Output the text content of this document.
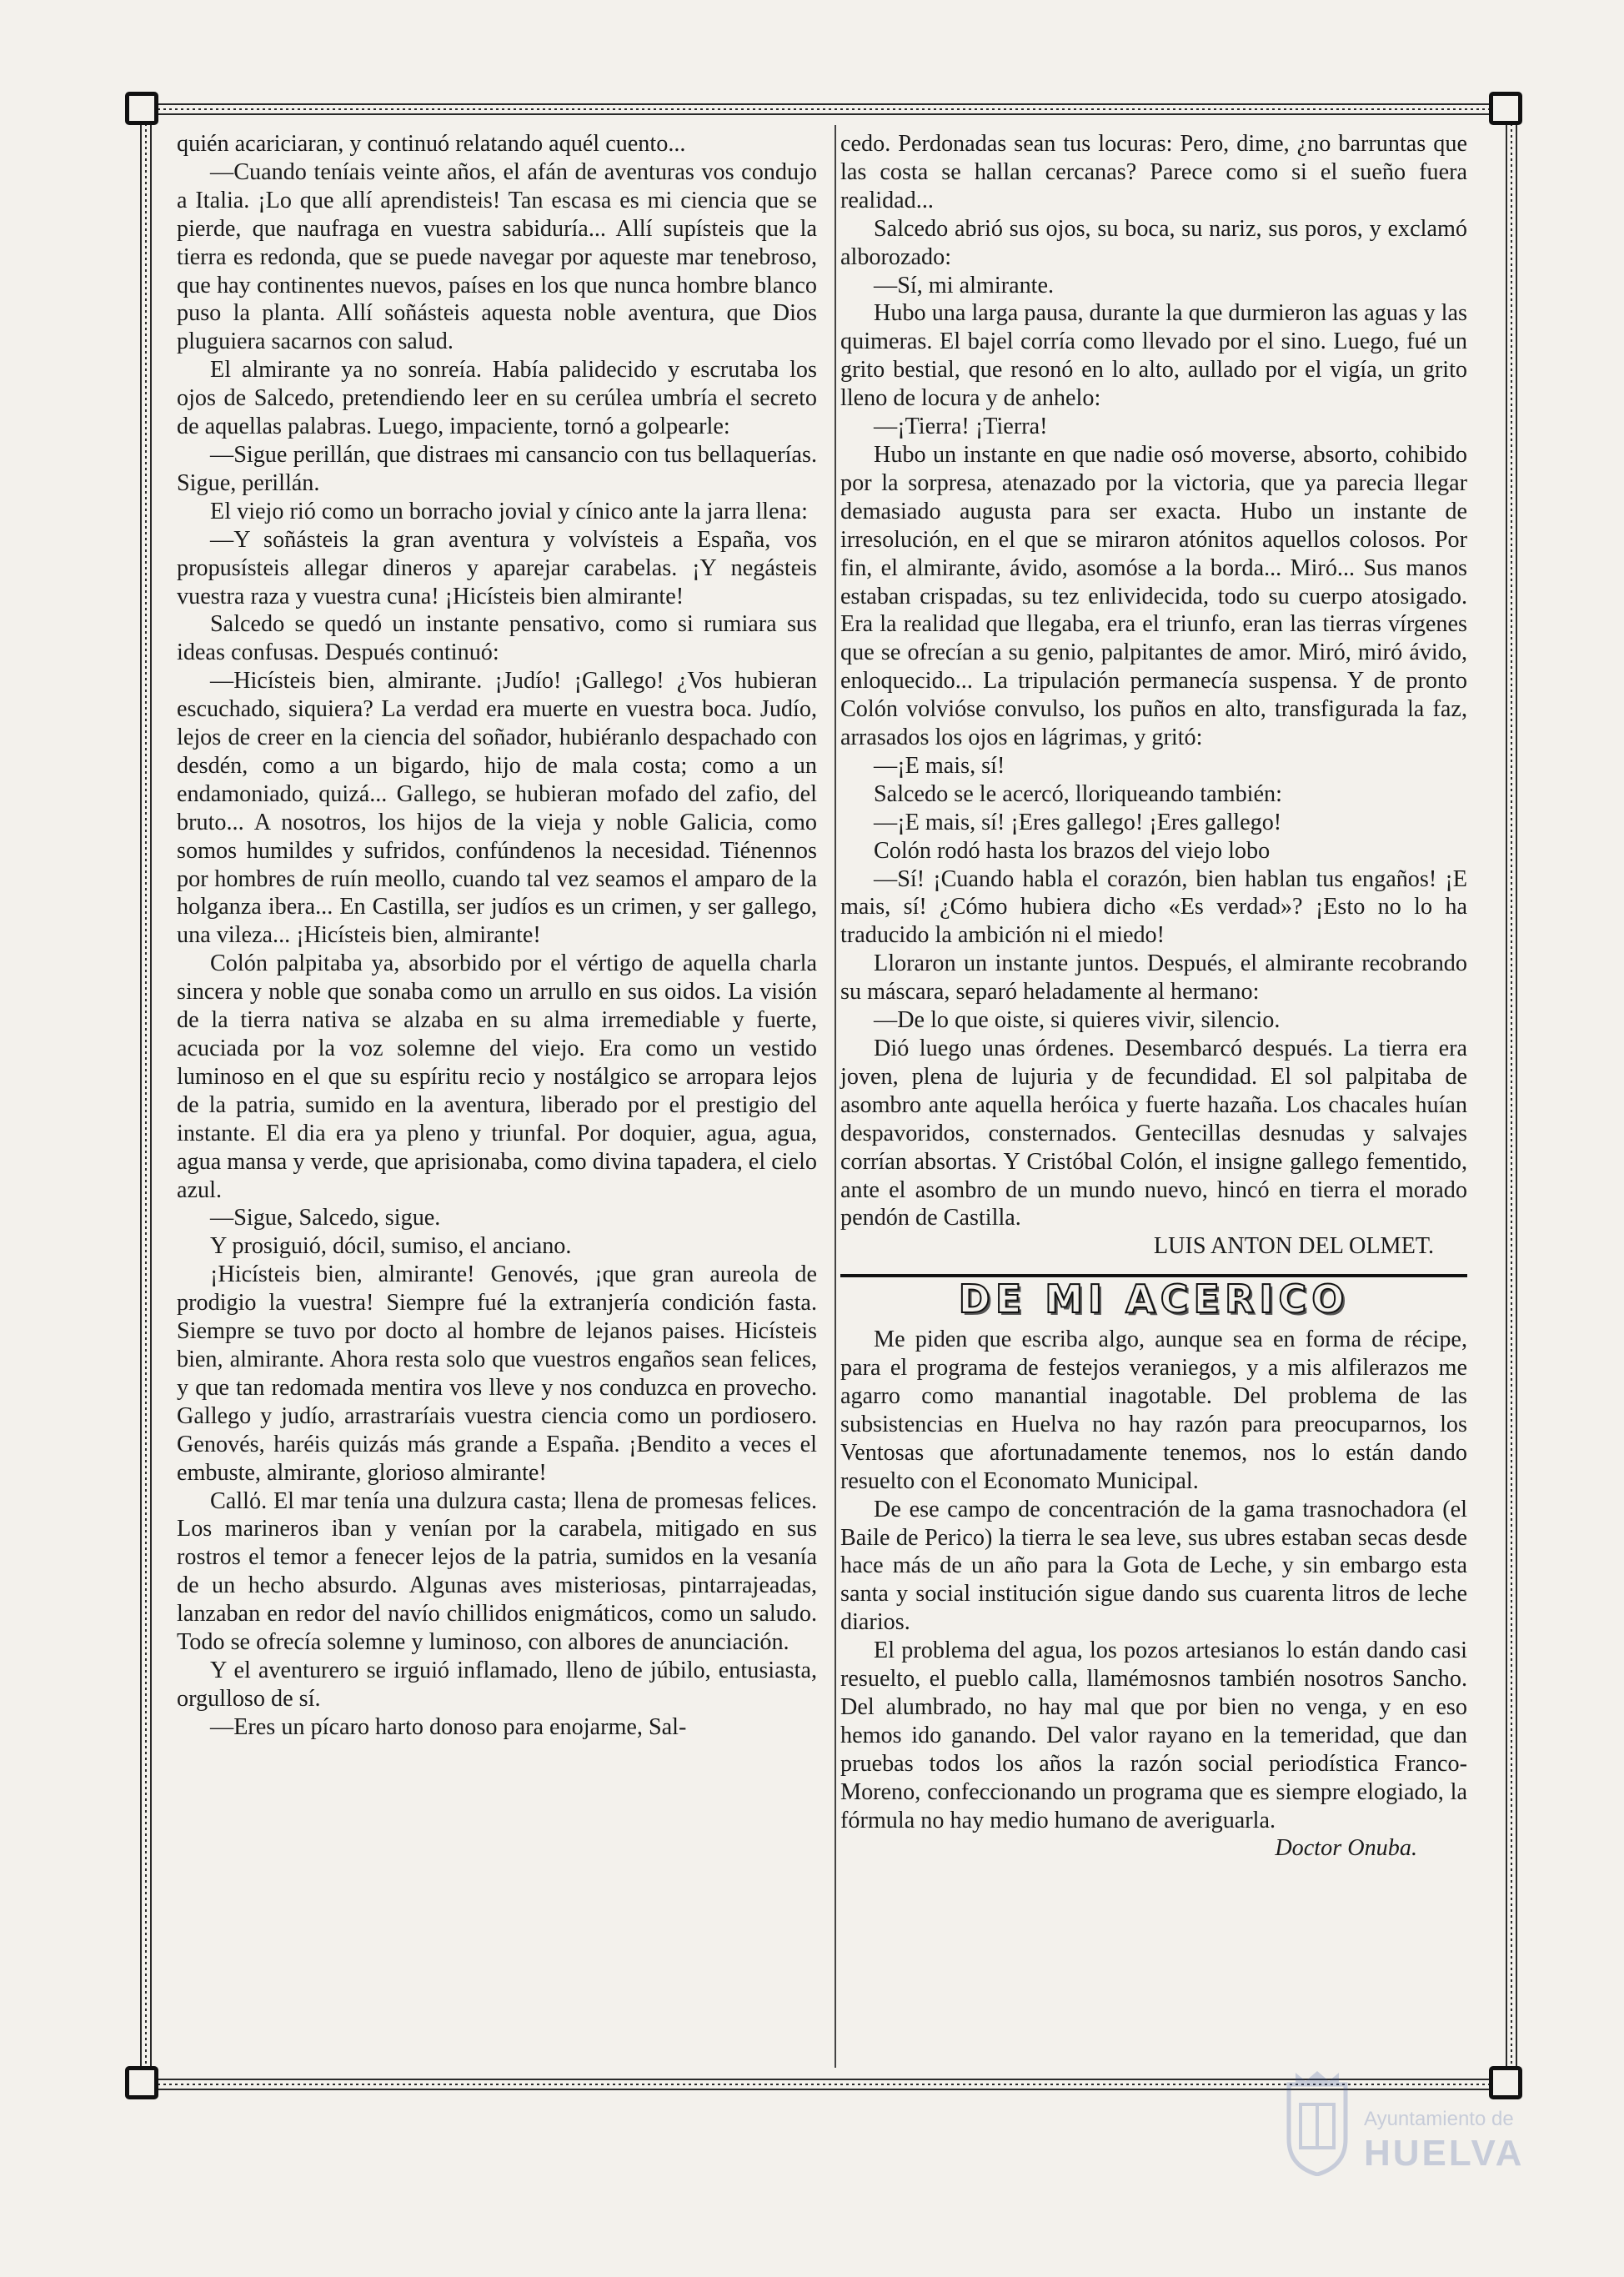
quién acariciaran, y continuó relatando aquél cuento...

—Cuando teníais veinte años, el afán de aventuras vos condujo a Italia. ¡Lo que allí aprendisteis! Tan escasa es mi ciencia que se pierde, que naufraga en vuestra sabiduría... Allí supísteis que la tierra es redonda, que se puede navegar por aqueste mar tenebroso, que hay continentes nuevos, países en los que nunca hombre blanco puso la planta. Allí soñásteis aquesta noble aventura, que Dios pluguiera sacarnos con salud.

El almirante ya no sonreía. Había palidecido y escrutaba los ojos de Salcedo, pretendiendo leer en su cerúlea umbría el secreto de aquellas palabras. Luego, impaciente, tornó a golpearle:

—Sigue perillán, que distraes mi cansancio con tus bellaquerías. Sigue, perillán.

El viejo rió como un borracho jovial y cínico ante la jarra llena:

—Y soñásteis la gran aventura y volvísteis a España, vos propusísteis allegar dineros y aparejar carabelas. ¡Y negásteis vuestra raza y vuestra cuna! ¡Hicísteis bien almirante!

Salcedo se quedó un instante pensativo, como si rumiara sus ideas confusas. Después continuó:

—Hicísteis bien, almirante. ¡Judío! ¡Gallego! ¿Vos hubieran escuchado, siquiera? La verdad era muerte en vuestra boca. Judío, lejos de creer en la ciencia del soñador, hubiéranlo despachado con desdén, como a un bigardo, hijo de mala costa; como a un endamoniado, quizá... Gallego, se hubieran mofado del zafio, del bruto... A nosotros, los hijos de la vieja y noble Galicia, como somos humildes y sufridos, confúndenos la necesidad. Tiénennos por hombres de ruín meollo, cuando tal vez seamos el amparo de la holganza ibera... En Castilla, ser judíos es un crimen, y ser gallego, una vileza... ¡Hicísteis bien, almirante!

Colón palpitaba ya, absorbido por el vértigo de aquella charla sincera y noble que sonaba como un arrullo en sus oidos. La visión de la tierra nativa se alzaba en su alma irremediable y fuerte, acuciada por la voz solemne del viejo. Era como un vestido luminoso en el que su espíritu recio y nostálgico se arropara lejos de la patria, sumido en la aventura, liberado por el prestigio del instante. El dia era ya pleno y triunfal. Por doquier, agua, agua, agua mansa y verde, que aprisionaba, como divina tapadera, el cielo azul.

—Sigue, Salcedo, sigue.

Y prosiguió, dócil, sumiso, el anciano.

¡Hicísteis bien, almirante! Genovés, ¡que gran aureola de prodigio la vuestra! Siempre fué la extranjería condición fasta. Siempre se tuvo por docto al hombre de lejanos paises. Hicísteis bien, almirante. Ahora resta solo que vuestros engaños sean felices, y que tan redomada mentira vos lleve y nos conduzca en provecho. Gallego y judío, arrastraríais vuestra ciencia como un pordiosero. Genovés, haréis quizás más grande a España. ¡Bendito a veces el embuste, almirante, glorioso almirante!

Callό. El mar tenía una dulzura casta; llena de promesas felices. Los marineros iban y venían por la carabela, mitigado en sus rostros el temor a fenecer lejos de la patria, sumidos en la vesanía de un hecho absurdo. Algunas aves misteriosas, pintarrajeadas, lanzaban en redor del navío chillidos enigmáticos, como un saludo. Todo se ofrecía solemne y luminoso, con albores de anunciación.

Y el aventurero se irguió inflamado, lleno de júbilo, entusiasta, orgulloso de sí.

—Eres un pícaro harto donoso para enojarme, Sal-

cedo. Perdonadas sean tus locuras: Pero, dime, ¿no barruntas que las costa se hallan cercanas? Parece como si el sueño fuera realidad...

Salcedo abrió sus ojos, su boca, su nariz, sus poros, y exclamó alborozado:

—Sí, mi almirante.

Hubo una larga pausa, durante la que durmieron las aguas y las quimeras. El bajel corría como llevado por el sino. Luego, fué un grito bestial, que resonó en lo alto, aullado por el vigía, un grito lleno de locura y de anhelo:

—¡Tierra! ¡Tierra!

Hubo un instante en que nadie osó moverse, absorto, cohibido por la sorpresa, atenazado por la victoria, que ya parecia llegar demasiado augusta para ser exacta. Hubo un instante de irresolución, en el que se miraron atónitos aquellos colosos. Por fin, el almirante, ávido, asomóse a la borda... Miró... Sus manos estaban crispadas, su tez enlividecida, todo su cuerpo atosigado. Era la realidad que llegaba, era el triunfo, eran las tierras vírgenes que se ofrecían a su genio, palpitantes de amor. Miró, miró ávido, enloquecido... La tripulación permanecía suspensa. Y de pronto Colón volvióse convulso, los puños en alto, transfigurada la faz, arrasados los ojos en lágrimas, y gritó:

—¡E mais, sí!

Salcedo se le acercó, lloriqueando también:

—¡E mais, sí! ¡Eres gallego! ¡Eres gallego!

Colón rodó hasta los brazos del viejo lobo

—Sí! ¡Cuando habla el corazón, bien hablan tus engaños! ¡E mais, sí! ¿Cómo hubiera dicho «Es verdad»? ¡Esto no lo ha traducido la ambición ni el miedo!

Lloraron un instante juntos. Después, el almirante recobrando su máscara, separó heladamente al hermano:

—De lo que oiste, si quieres vivir, silencio.

Dió luego unas órdenes. Desembarcó después. La tierra era joven, plena de lujuria y de fecundidad. El sol palpitaba de asombro ante aquella heróica y fuerte hazaña. Los chacales huían despavoridos, consternados. Gentecillas desnudas y salvajes corrían absortas. Y Cristóbal Colón, el insigne gallego fementido, ante el asombro de un mundo nuevo, hincó en tierra el morado pendón de Castilla.

LUIS ANTON DEL OLMET.

DE MI ACERICO

Me piden que escriba algo, aunque sea en forma de récipe, para el programa de festejos veraniegos, y a mis alfilerazos me agarro como manantial inagotable. Del problema de las subsistencias en Huelva no hay razón para preocuparnos, los Ventosas que afortunadamente tenemos, nos lo están dando resuelto con el Economato Municipal.

De ese campo de concentración de la gama trasnochadora (el Baile de Perico) la tierra le sea leve, sus ubres estaban secas desde hace más de un año para la Gota de Leche, y sin embargo esta santa y social institución sigue dando sus cuarenta litros de leche diarios.

El problema del agua, los pozos artesianos lo están dando casi resuelto, el pueblo calla, llamémosnos también nosotros Sancho. Del alumbrado, no hay mal que por bien no venga, y en eso hemos ido ganando. Del valor rayano en la temeridad, que dan pruebas todos los años la razón social periodística Franco-Moreno, confeccionando un programa que es siempre elogiado, la fórmula no hay medio humano de averiguarla.

Doctor Onuba.

Ayuntamiento de
HUELVA
